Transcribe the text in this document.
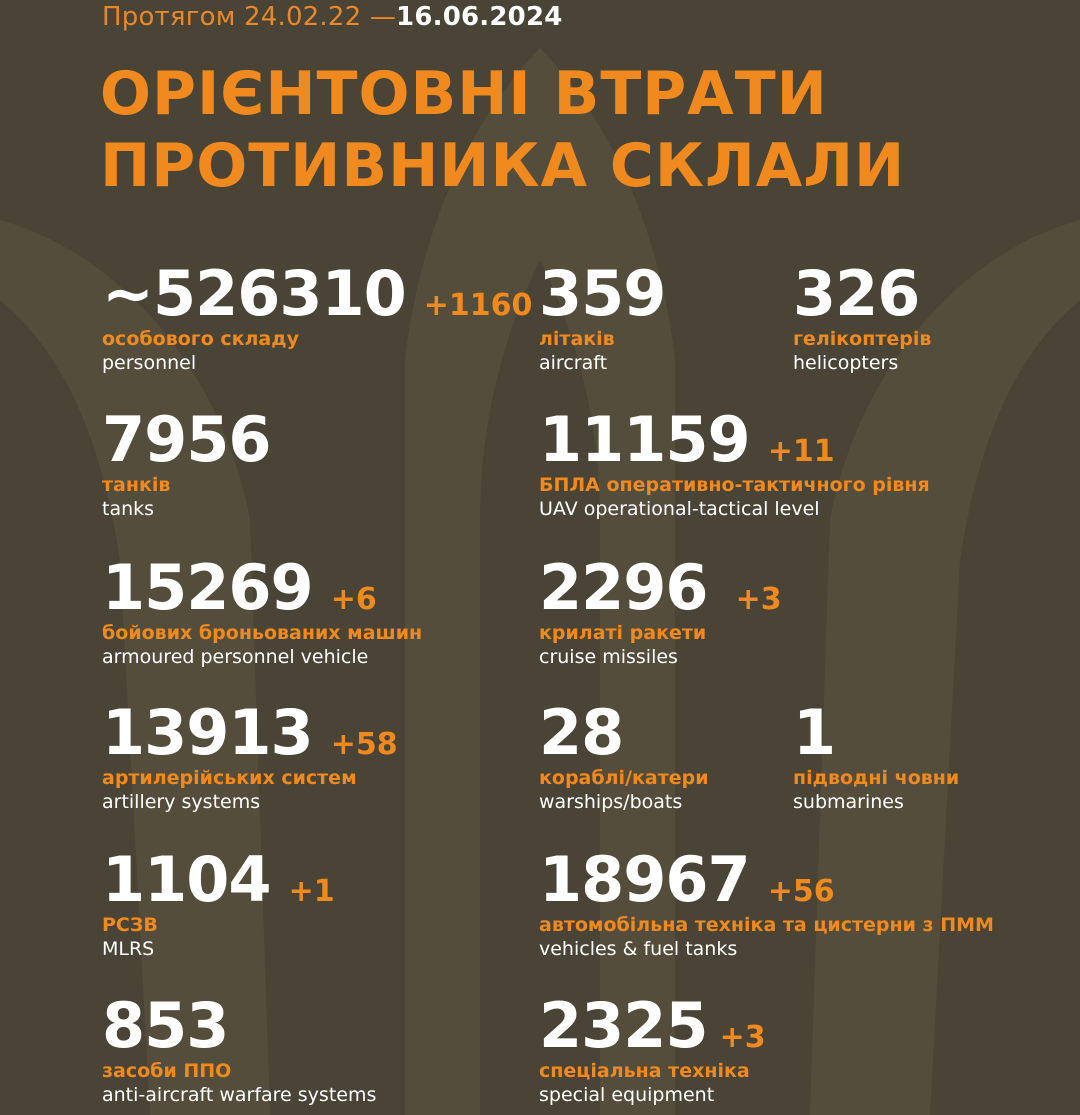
Протягом 24.02.22 —16.06.2024
ОРІЄНТОВНІ ВТРАТИ
ПРОТИВНИКА СКЛАЛИ
~526310 +1160
особового складу
personnel
7956
танків
tanks
15269 +6
бойових броньованих машин
armoured personnel vehicle
13913 +58
артилерійських систем
artillery systems
1104 +1
РСЗВ
MLRS
853
засоби ППО
anti-aircraft warfare systems
359
літаків
aircraft
11159 +11
БПЛА оперативно-тактичного рівня
UAV operational-tactical level
2296 +3
крилаті ракети
cruise missiles
28
кораблі/катери
warships/boats
18967 +56
автомобільна техніка та цистерни з ПММ
vehicles & fuel tanks
2325 +3
спеціальна техніка
special equipment
326
гелікоптерів
helicopters
1
підводні човни
submarines
